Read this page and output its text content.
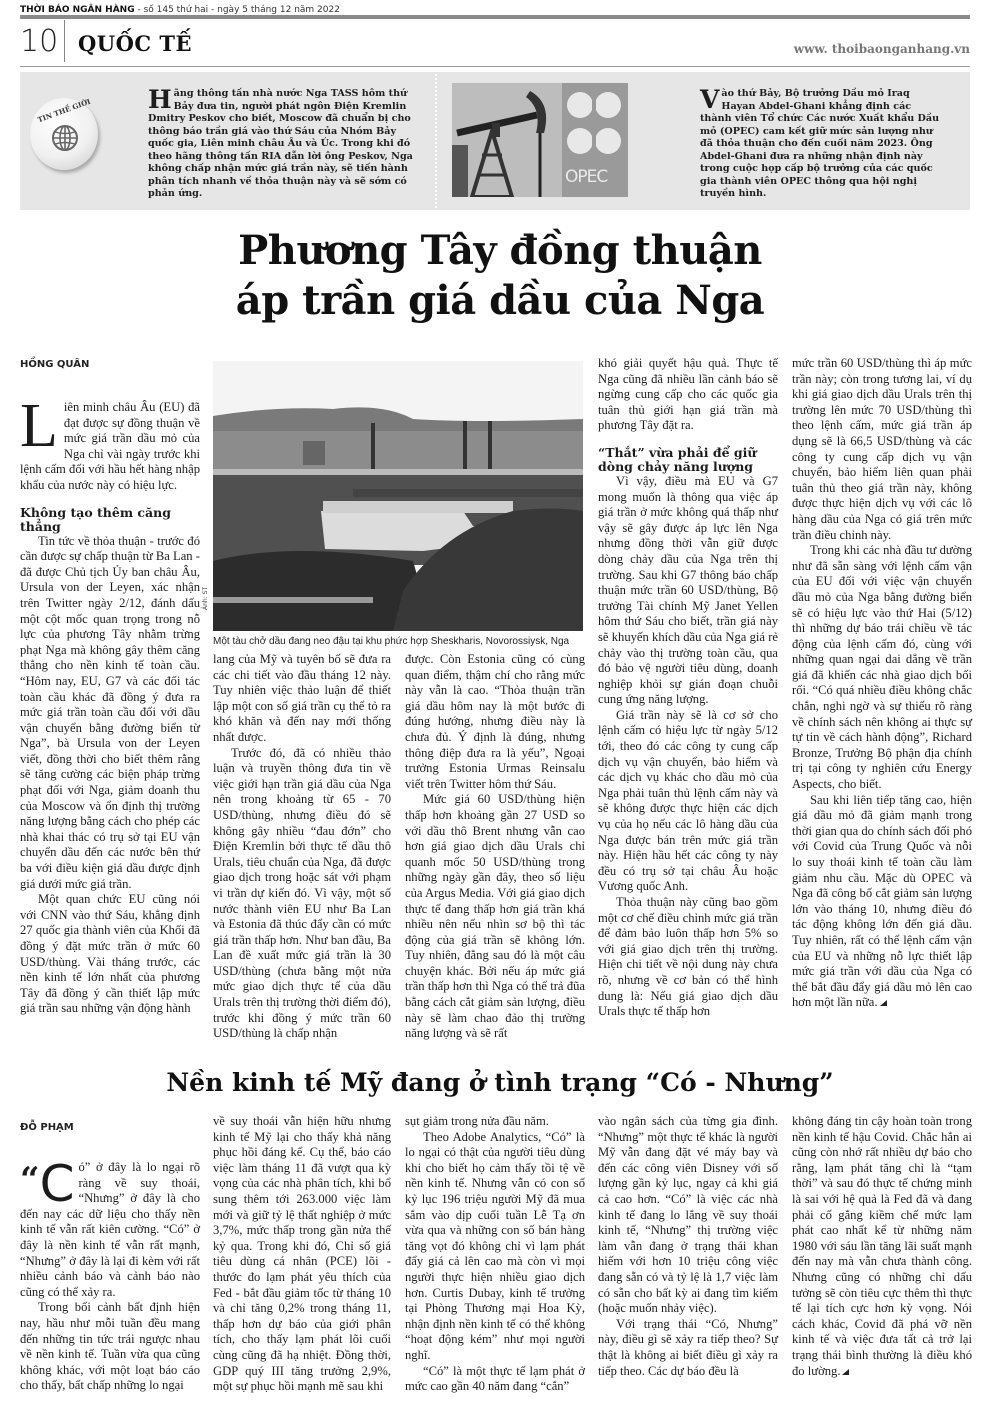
THỜI BÁO NGÂN HÀNG - số 145 thứ hai - ngày 5 tháng 12 năm 2022
10 QUỐC TẾ	www. thoibaonganhang.vn
TIN THẾ GIỚI Hãng thông tấn nhà nước Nga TASS hôm thứ Bảy đưa tin, người phát ngôn Điện Kremlin Dmitry Peskov cho biết, Moscow đã chuẩn bị cho thông báo trần giá vào thứ Sáu của Nhóm Bảy quốc gia, Liên minh châu Âu và Úc. Trong khi đó theo hãng thông tấn RIA dẫn lời ông Peskov, Nga không chấp nhận mức giá trần này, sẽ tiến hành phân tích nhanh về thỏa thuận này và sẽ sớm có phản ứng.
OPEC
Vào thứ Bảy, Bộ trưởng Dầu mỏ Iraq Hayan Abdel-Ghani khẳng định các thành viên Tổ chức Các nước Xuất khẩu Dầu mỏ (OPEC) cam kết giữ mức sản lượng như đã thỏa thuận cho đến cuối năm 2023. Ông Abdel-Ghani đưa ra những nhận định này trong cuộc họp cấp bộ trưởng của các quốc gia thành viên OPEC thông qua hội nghị truyền hình.
Phương Tây đồng thuận
áp trần giá dầu của Nga
HỒNG QUÂN

Liên minh châu Âu (EU) đã đạt được sự đồng thuận về mức giá trần dầu mỏ của Nga chỉ vài ngày trước khi lệnh cấm đối với hầu hết hàng nhập khẩu của nước này có hiệu lực.

Không tạo thêm căng thẳng

Tin tức về thỏa thuận - trước đó cần được sự chấp thuận từ Ba Lan - đã được Chủ tịch Ủy ban châu Âu, Ursula von der Leyen, xác nhận trên Twitter ngày 2/12, đánh dấu một cột mốc quan trọng trong nỗ lực của phương Tây nhằm trừng phạt Nga mà không gây thêm căng thẳng cho nền kinh tế toàn cầu. “Hôm nay, EU, G7 và các đối tác toàn cầu khác đã đồng ý đưa ra mức giá trần toàn cầu đối với dầu vận chuyển bằng đường biển từ Nga”, bà Ursula von der Leyen viết, đồng thời cho biết thêm rằng sẽ tăng cường các biện pháp trừng phạt đối với Nga, giảm doanh thu của Moscow và ổn định thị trường năng lượng bằng cách cho phép các nhà khai thác có trụ sở tại EU vận chuyển dầu đến các nước bên thứ ba với điều kiện giá dầu được định giá dưới mức giá trần.

Một quan chức EU cũng nói với CNN vào thứ Sáu, khẳng định 27 quốc gia thành viên của Khối đã đồng ý đặt mức trần ở mức 60 USD/thùng. Vài tháng trước, các nền kinh tế lớn nhất của phương Tây đã đồng ý cần thiết lập mức giá trần sau những vận động hành

Ảnh: ST
Một tàu chở dầu đang neo đậu tại khu phức hợp Sheskharis, Novorossiysk, Nga

lang của Mỹ và tuyên bố sẽ đưa ra các chi tiết vào đầu tháng 12 này. Tuy nhiên việc thảo luận để thiết lập một con số giá trần cụ thể tỏ ra khó khăn và đến nay mới thống nhất được.

Trước đó, đã có nhiều thảo luận và truyền thông đưa tin về việc giới hạn trần giá dầu của Nga nên trong khoảng từ 65 - 70 USD/thùng, nhưng điều đó sẽ không gây nhiều “đau đớn” cho Điện Kremlin bởi thực tế dầu thô Urals, tiêu chuẩn của Nga, đã được giao dịch trong hoặc sát với phạm vi trần dự kiến đó. Vì vậy, một số nước thành viên EU như Ba Lan và Estonia đã thúc đẩy cần có mức giá trần thấp hơn. Như ban đầu, Ba Lan đề xuất mức giá trần là 30 USD/thùng (chưa bằng một nửa mức giao dịch thực tế của dầu Urals trên thị trường thời điểm đó), trước khi đồng ý mức trần 60 USD/thùng là chấp nhận

được. Còn Estonia cũng có cùng quan điểm, thậm chí cho rằng mức này vẫn là cao. “Thỏa thuận trần giá dầu hôm nay là một bước đi đúng hướng, nhưng điều này là chưa đủ. Ý định là đúng, nhưng thông điệp đưa ra là yếu”, Ngoại trưởng Estonia Urmas Reinsalu viết trên Twitter hôm thứ Sáu.

Mức giá 60 USD/thùng hiện thấp hơn khoảng gần 27 USD so với dầu thô Brent nhưng vẫn cao hơn giá giao dịch dầu Urals chỉ quanh mốc 50 USD/thùng trong những ngày gần đây, theo số liệu của Argus Media. Với giá giao dịch thực tế đang thấp hơn giá trần khá nhiều nên nếu nhìn sơ bộ thì tác động của giá trần sẽ không lớn. Tuy nhiên, đằng sau đó là một câu chuyện khác. Bởi nếu áp mức giá trần thấp hơn thì Nga có thể trả đũa bằng cách cắt giảm sản lượng, điều này sẽ làm chao đảo thị trường năng lượng và sẽ rất

khó giải quyết hậu quả. Thực tế Nga cũng đã nhiều lần cảnh báo sẽ ngừng cung cấp cho các quốc gia tuân thủ giới hạn giá trần mà phương Tây đặt ra.

“Thắt” vừa phải để giữ dòng chảy năng lượng

Vì vậy, điều mà EU và G7 mong muốn là thông qua việc áp giá trần ở mức không quá thấp như vậy sẽ gây được áp lực lên Nga nhưng đồng thời vẫn giữ được dòng chảy dầu của Nga trên thị trường. Sau khi G7 thông báo chấp thuận mức trần 60 USD/thùng, Bộ trưởng Tài chính Mỹ Janet Yellen hôm thứ Sáu cho biết, trần giá này sẽ khuyến khích dầu của Nga giá rẻ chảy vào thị trường toàn cầu, qua đó bảo vệ người tiêu dùng, doanh nghiệp khỏi sự gián đoạn chuỗi cung ứng năng lượng.

Giá trần này sẽ là cơ sở cho lệnh cấm có hiệu lực từ ngày 5/12 tới, theo đó các công ty cung cấp dịch vụ vận chuyển, bảo hiểm và các dịch vụ khác cho dầu mỏ của Nga phải tuân thủ lệnh cấm này và sẽ không được thực hiện các dịch vụ của họ nếu các lô hàng dầu của Nga được bán trên mức giá trần này. Hiện hầu hết các công ty này đều có trụ sở tại châu Âu hoặc Vương quốc Anh.

Thỏa thuận này cũng bao gồm một cơ chế điều chỉnh mức giá trần để đảm bảo luôn thấp hơn 5% so với giá giao dịch trên thị trường. Hiện chi tiết về nội dung này chưa rõ, nhưng về cơ bản có thể hình dung là: Nếu giá giao dịch dầu Urals thực tế thấp hơn

mức trần 60 USD/thùng thì áp mức trần này; còn trong tương lai, ví dụ khi giá giao dịch dầu Urals trên thị trường lên mức 70 USD/thùng thì theo lệnh cấm, mức giá trần áp dụng sẽ là 66,5 USD/thùng và các công ty cung cấp dịch vụ vận chuyển, bảo hiểm liên quan phải tuân thủ theo giá trần này, không được thực hiện dịch vụ với các lô hàng dầu của Nga có giá trên mức trần điều chỉnh này.

Trong khi các nhà đầu tư dường như đã sẵn sàng với lệnh cấm vận của EU đối với việc vận chuyển dầu mỏ của Nga bằng đường biển sẽ có hiệu lực vào thứ Hai (5/12) thì những dự báo trái chiều về tác động của lệnh cấm đó, cùng với những quan ngại dai dẳng về trần giá đã khiến các nhà giao dịch bối rối. “Có quá nhiều điều không chắc chắn, nghi ngờ và sự thiếu rõ ràng về chính sách nên không ai thực sự tự tin về cách hành động”, Richard Bronze, Trưởng Bộ phận địa chính trị tại công ty nghiên cứu Energy Aspects, cho biết.

Sau khi liên tiếp tăng cao, hiện giá dầu mỏ đã giảm mạnh trong thời gian qua do chính sách đối phó với Covid của Trung Quốc và nỗi lo suy thoái kinh tế toàn cầu làm giảm nhu cầu. Mặc dù OPEC và Nga đã công bố cắt giảm sản lượng lớn vào tháng 10, nhưng điều đó tác động không lớn đến giá dầu. Tuy nhiên, rất có thể lệnh cấm vận của EU và những nỗ lực thiết lập mức giá trần với dầu của Nga có thể bắt đầu đẩy giá dầu mỏ lên cao hơn một lần nữa.

Nền kinh tế Mỹ đang ở tình trạng “Có - Nhưng”
ĐỖ PHẠM

“C ó” ở đây là lo ngại rõ ràng về suy thoái, “Nhưng” ở đây là cho đến nay các dữ liệu cho thấy nền kinh tế vẫn rất kiên cường. “Có” ở đây là nền kinh tế vẫn rất mạnh, “Nhưng” ở đây là lại đi kèm với rất nhiều cảnh báo và cảnh báo nào cũng có thể xảy ra.

Trong bối cảnh bất định hiện nay, hầu như mỗi tuần đều mang đến những tin tức trái ngược nhau về nền kinh tế. Tuần vừa qua cũng không khác, với một loạt báo cáo cho thấy, bất chấp những lo ngại

về suy thoái vẫn hiện hữu nhưng kinh tế Mỹ lại cho thấy khả năng phục hồi đáng kể. Cụ thể, báo cáo việc làm tháng 11 đã vượt qua kỳ vọng của các nhà phân tích, khi bổ sung thêm tới 263.000 việc làm mới và giữ tỷ lệ thất nghiệp ở mức 3,7%, mức thấp trong gần nửa thế kỷ qua. Trong khi đó, Chỉ số giá tiêu dùng cá nhân (PCE) lõi - thước đo lạm phát yêu thích của Fed - bắt đầu giảm tốc từ tháng 10 và chỉ tăng 0,2% trong tháng 11, thấp hơn dự báo của giới phân tích, cho thấy lạm phát lõi cuối cùng cũng đã hạ nhiệt. Đồng thời, GDP quý III tăng trưởng 2,9%, một sự phục hồi mạnh mẽ sau khi

sụt giảm trong nửa đầu năm.

Theo Adobe Analytics, “Có” là lo ngại có thật của người tiêu dùng khi cho biết họ cảm thấy tồi tệ về nền kinh tế. Nhưng vẫn có con số kỷ lục 196 triệu người Mỹ đã mua sắm vào dịp cuối tuần Lễ Tạ ơn vừa qua và những con số bán hàng tăng vọt đó không chỉ vì lạm phát đẩy giá cả lên cao mà còn vì mọi người thực hiện nhiều giao dịch hơn. Curtis Dubay, kinh tế trưởng tại Phòng Thương mại Hoa Kỳ, nhận định nền kinh tế có thể không “hoạt động kém” như mọi người nghĩ.

“Có” là một thực tế lạm phát ở mức cao gần 40 năm đang “cắn”

vào ngân sách của từng gia đình. “Nhưng” một thực tế khác là người Mỹ vẫn đang đặt vé máy bay và đến các công viên Disney với số lượng gần kỷ lục, ngay cả khi giá cả cao hơn. “Có” là việc các nhà kinh tế đang lo lắng về suy thoái kinh tế, “Nhưng” thị trường việc làm vẫn đang ở trạng thái khan hiếm với hơn 10 triệu công việc đang sẵn có và tỷ lệ là 1,7 việc làm có sẵn cho bất kỳ ai đang tìm kiếm (hoặc muốn nhảy việc).

Với trạng thái “Có, Nhưng” này, điều gì sẽ xảy ra tiếp theo? Sự thật là không ai biết điều gì xảy ra tiếp theo. Các dự báo đều là

không đáng tin cậy hoàn toàn trong nền kinh tế hậu Covid. Chắc hẳn ai cũng còn nhớ rất nhiều dự báo cho rằng, lạm phát tăng chỉ là “tạm thời” và sau đó thực tế chứng minh là sai với hệ quả là Fed đã và đang phải cố gắng kiềm chế mức lạm phát cao nhất kể từ những năm 1980 với sáu lần tăng lãi suất mạnh đến nay mà vẫn chưa thành công. Nhưng cũng có những chỉ dấu tưởng sẽ còn tiêu cực thêm thì thực tế lại tích cực hơn kỳ vọng. Nói cách khác, Covid đã phá vỡ nền kinh tế và việc đưa tất cả trở lại trạng thái bình thường là điều khó đo lường.
